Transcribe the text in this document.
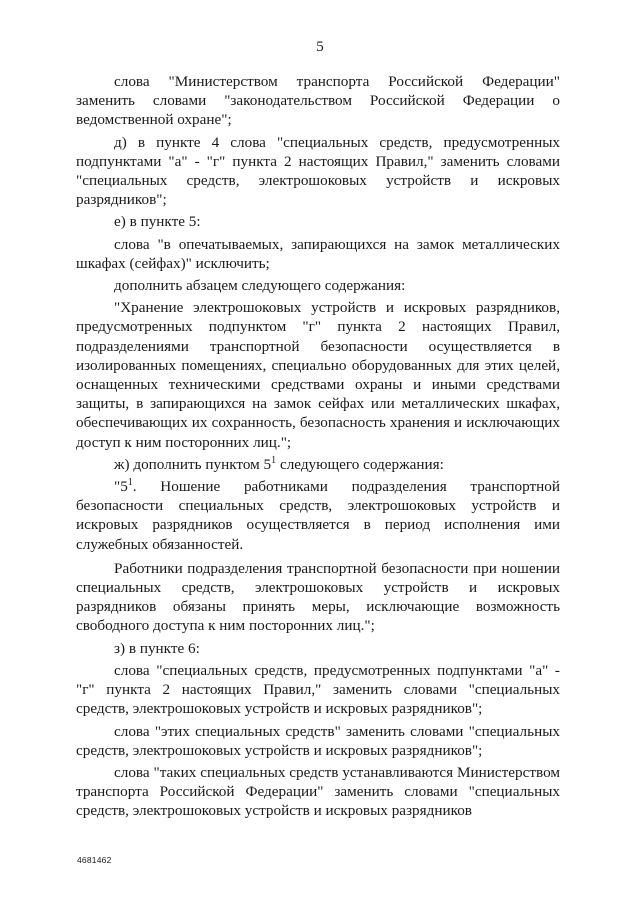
5

слова "Министерством транспорта Российской Федерации" заменить словами "законодательством Российской Федерации о ведомственной охране";

д) в пункте 4 слова "специальных средств, предусмотренных подпунктами "а" - "г" пункта 2 настоящих Правил," заменить словами "специальных средств, электрошоковых устройств и искровых разрядников";

е) в пункте 5:

слова "в опечатываемых, запирающихся на замок металлических шкафах (сейфах)" исключить;

дополнить абзацем следующего содержания:

"Хранение электрошоковых устройств и искровых разрядников, предусмотренных подпунктом "г" пункта 2 настоящих Правил, подразделениями транспортной безопасности осуществляется в изолированных помещениях, специально оборудованных для этих целей, оснащенных техническими средствами охраны и иными средствами защиты, в запирающихся на замок сейфах или металлических шкафах, обеспечивающих их сохранность, безопасность хранения и исключающих доступ к ним посторонних лиц.";

ж) дополнить пунктом 5$^1$ следующего содержания:

"5$^1$. Ношение работниками подразделения транспортной безопасности специальных средств, электрошоковых устройств и искровых разрядников осуществляется в период исполнения ими служебных обязанностей.

Работники подразделения транспортной безопасности при ношении специальных средств, электрошоковых устройств и искровых разрядников обязаны принять меры, исключающие возможность свободного доступа к ним посторонних лиц.";

з) в пункте 6:

слова "специальных средств, предусмотренных подпунктами "а" - "г" пункта 2 настоящих Правил," заменить словами "специальных средств, электрошоковых устройств и искровых разрядников";

слова "этих специальных средств" заменить словами "специальных средств, электрошоковых устройств и искровых разрядников";

слова "таких специальных средств устанавливаются Министерством транспорта Российской Федерации" заменить словами "специальных средств, электрошоковых устройств и искровых разрядников

4681462
